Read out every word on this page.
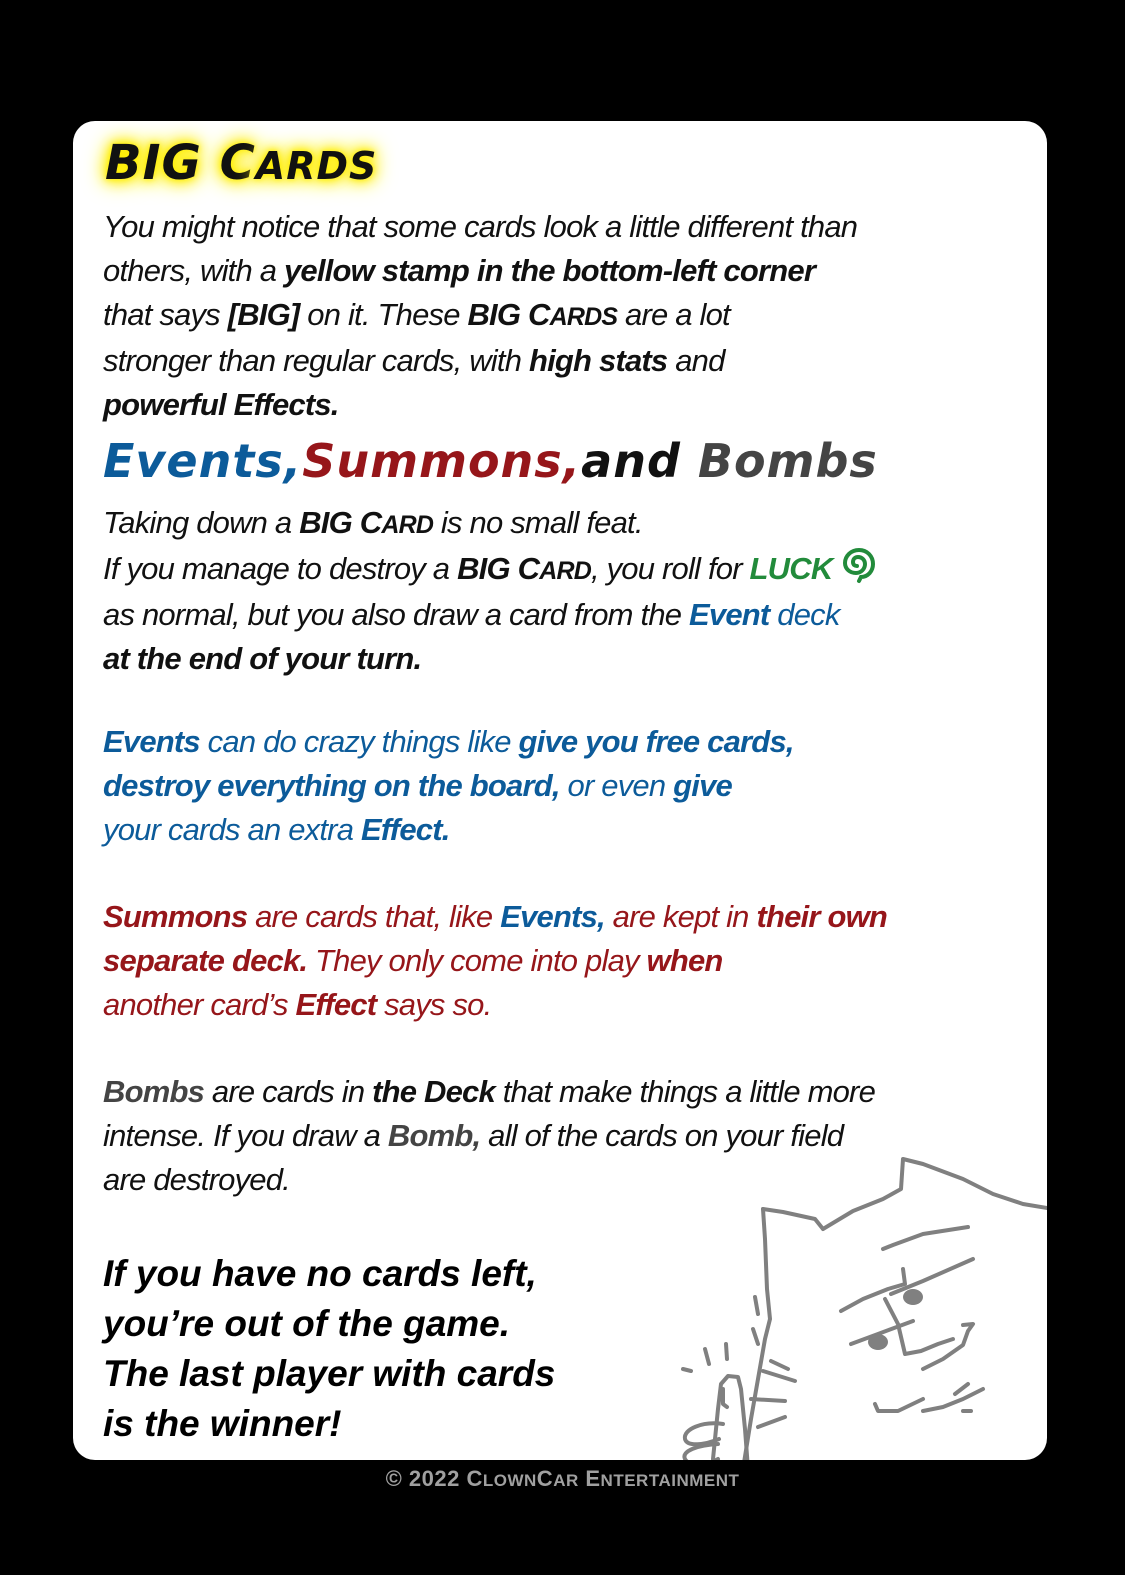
BIG CARDS

You might notice that some cards look a little different than
others, with a yellow stamp in the bottom-left corner
that says [BIG] on it. These BIG CARDS are a lot
stronger than regular cards, with high stats and
powerful Effects.

Events,Summons,and Bombs

Taking down a BIG CARD is no small feat.
If you manage to destroy a BIG CARD, you roll for LUCK
as normal, but you also draw a card from the Event deck
at the end of your turn.

Events can do crazy things like give you free cards,
destroy everything on the board, or even give
your cards an extra Effect.

Summons are cards that, like Events, are kept in their own
separate deck. They only come into play when
another card’s Effect says so.

Bombs are cards in the Deck that make things a little more
intense. If you draw a Bomb, all of the cards on your field
are destroyed.

If you have no cards left,
you’re out of the game.
The last player with cards
is the winner!

© 2022 CLOWNCAR ENTERTAINMENT
